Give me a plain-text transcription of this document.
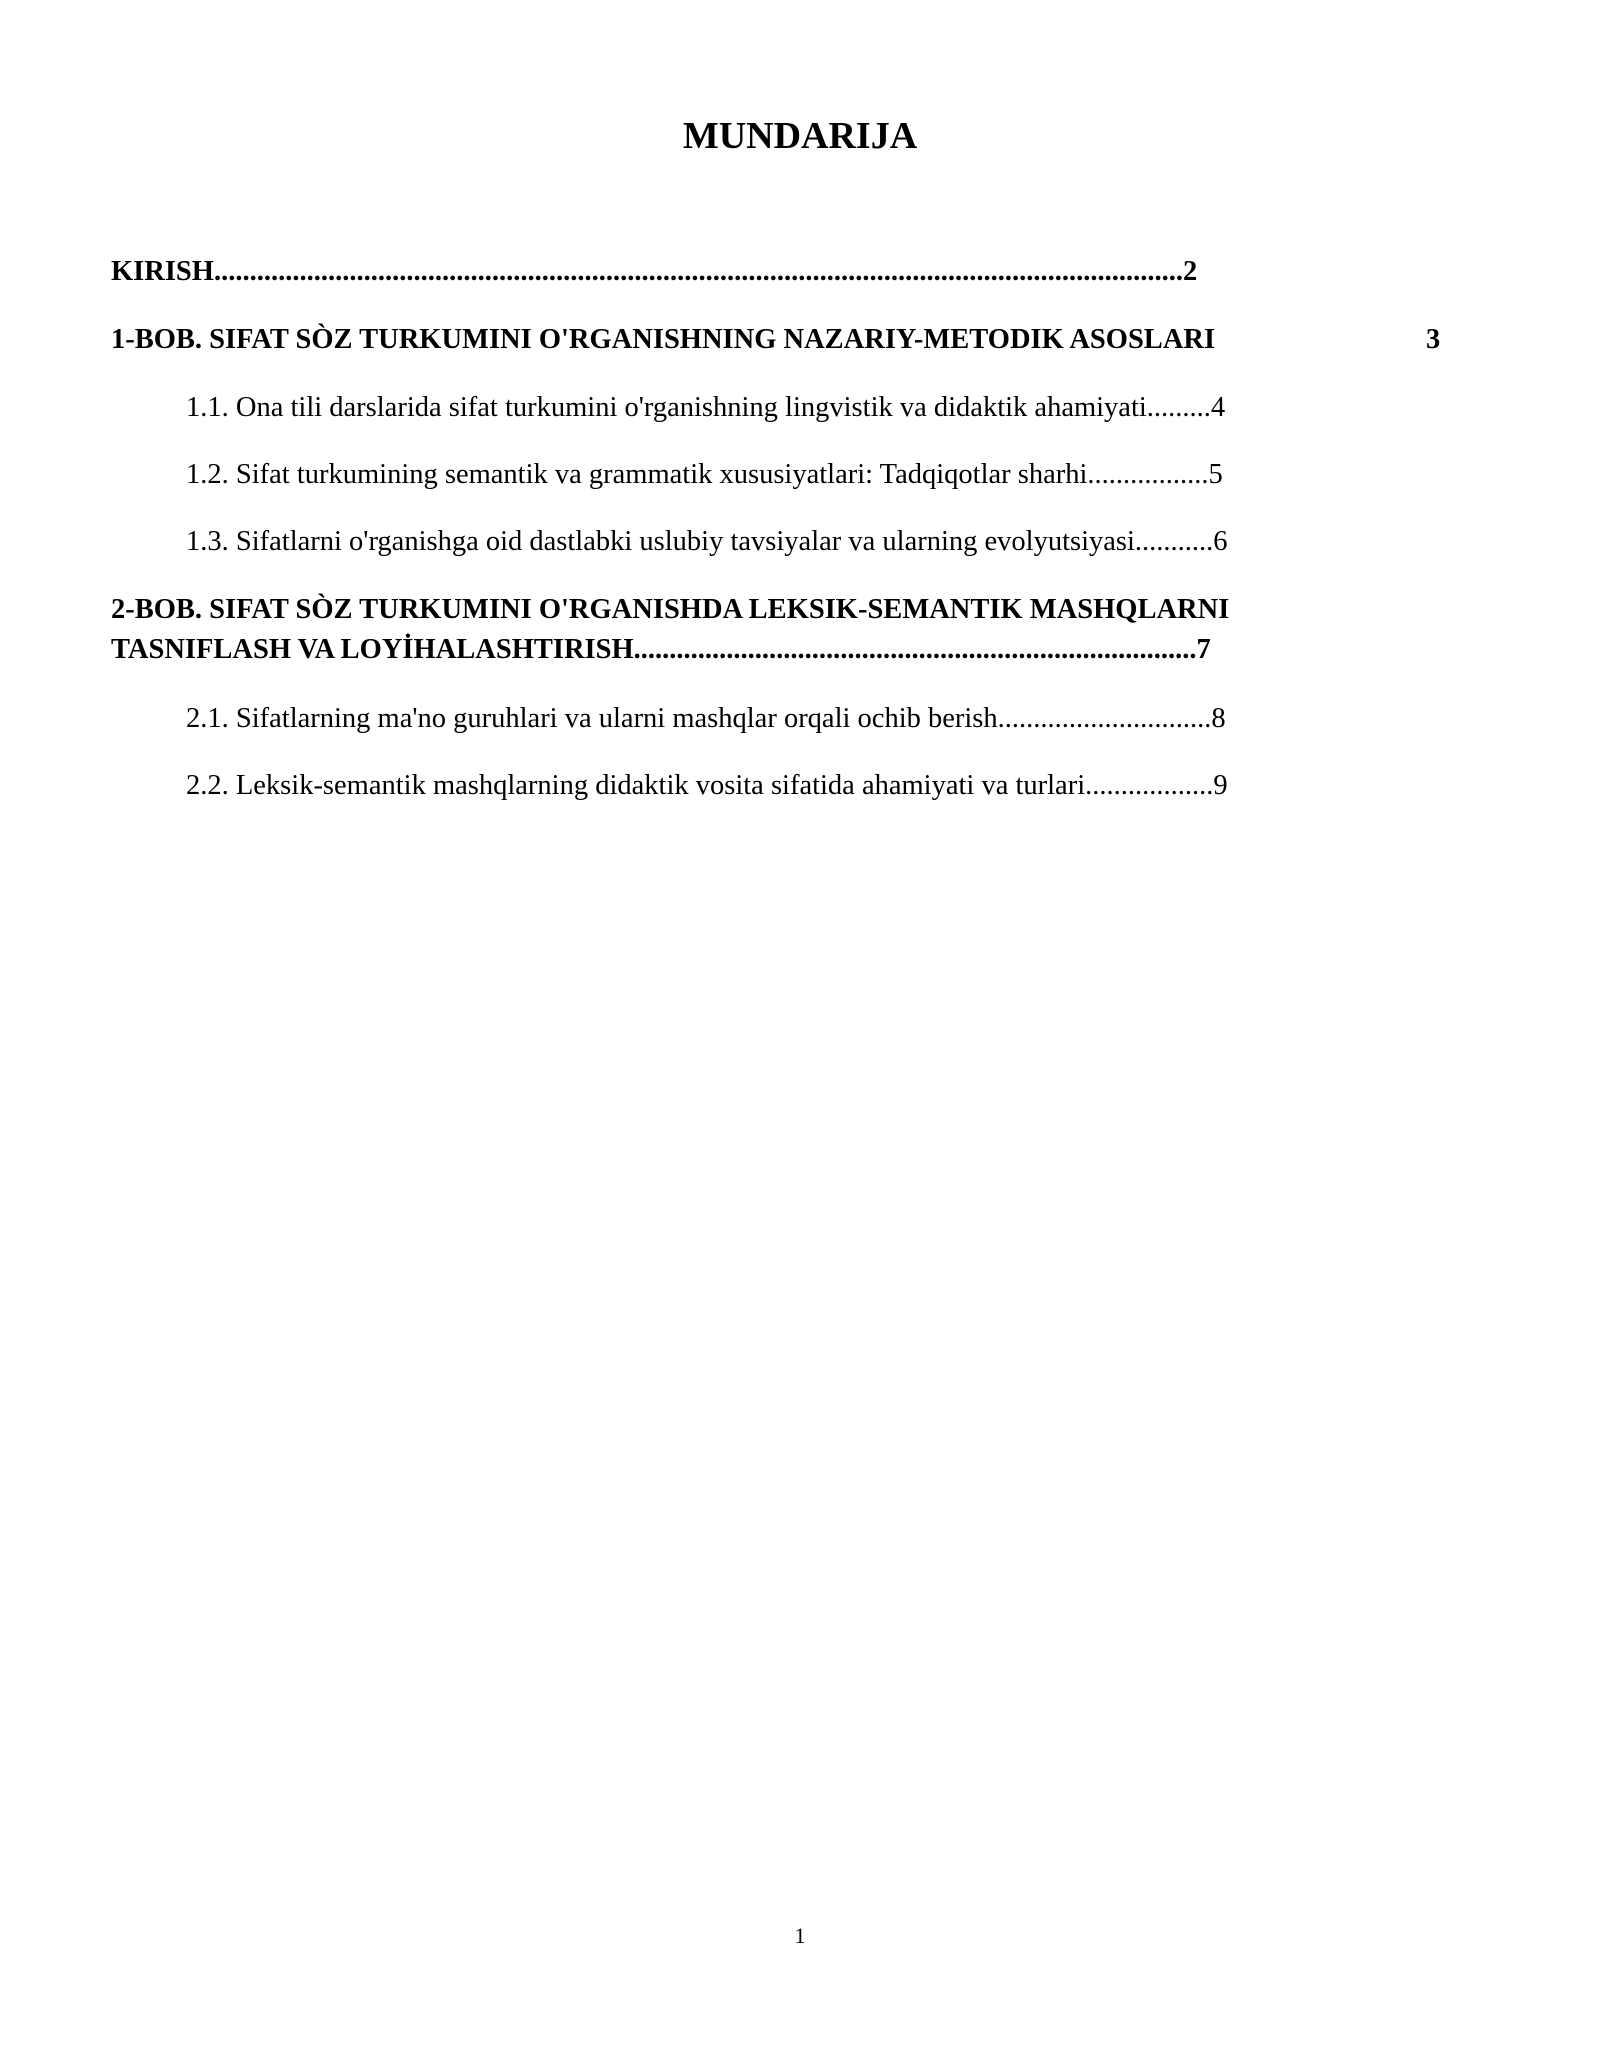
MUNDARIJA
KIRISH........................................................................................................................................2
1-BOB. SIFAT SÒZ TURKUMINI O'RGANISHNING NAZARIY-METODIK ASOSLARI	3
1.1. Ona tili darslarida sifat turkumini o'rganishning lingvistik va didaktik ahamiyati.........4
1.2. Sifat turkumining semantik va grammatik xususiyatlari: Tadqiqotlar sharhi.................5
1.3. Sifatlarni o'rganishga oid dastlabki uslubiy tavsiyalar va ularning evolyutsiyasi...........6
2-BOB. SIFAT SÒZ TURKUMINI O'RGANISHDA LEKSIK-SEMANTIK MASHQLARNI
TASNIFLASH VA LOYİHALASHTIRISH...............................................................................7
2.1. Sifatlarning ma'no guruhlari va ularni mashqlar orqali ochib berish..............................8
2.2. Leksik-semantik mashqlarning didaktik vosita sifatida ahamiyati va turlari..................9
1
